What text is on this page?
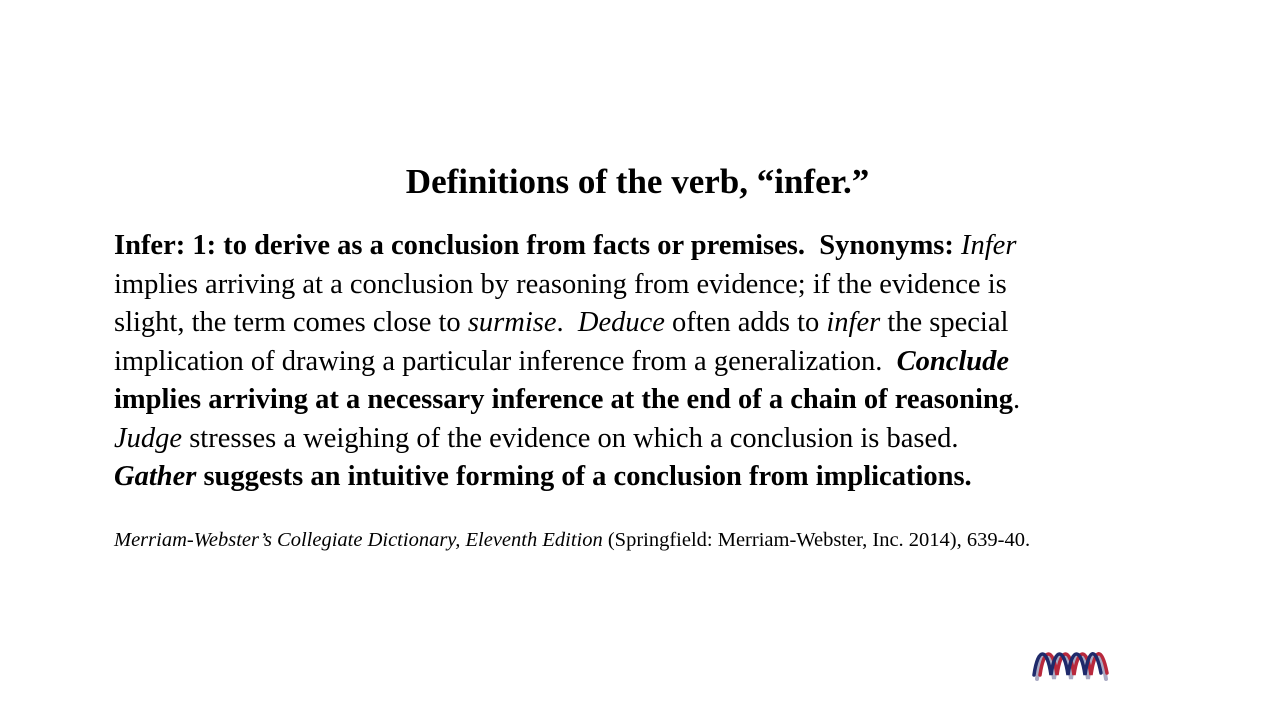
Definitions of the verb, “infer.”
Infer: 1: to derive as a conclusion from facts or premises.  Synonyms: Infer
implies arriving at a conclusion by reasoning from evidence; if the evidence is
slight, the term comes close to surmise.  Deduce often adds to infer the special
implication of drawing a particular inference from a generalization.  Conclude
implies arriving at a necessary inference at the end of a chain of reasoning.
Judge stresses a weighing of the evidence on which a conclusion is based.
Gather suggests an intuitive forming of a conclusion from implications.

Merriam-Webster’s Collegiate Dictionary, Eleventh Edition (Springfield: Merriam-Webster, Inc. 2014), 639-40.
